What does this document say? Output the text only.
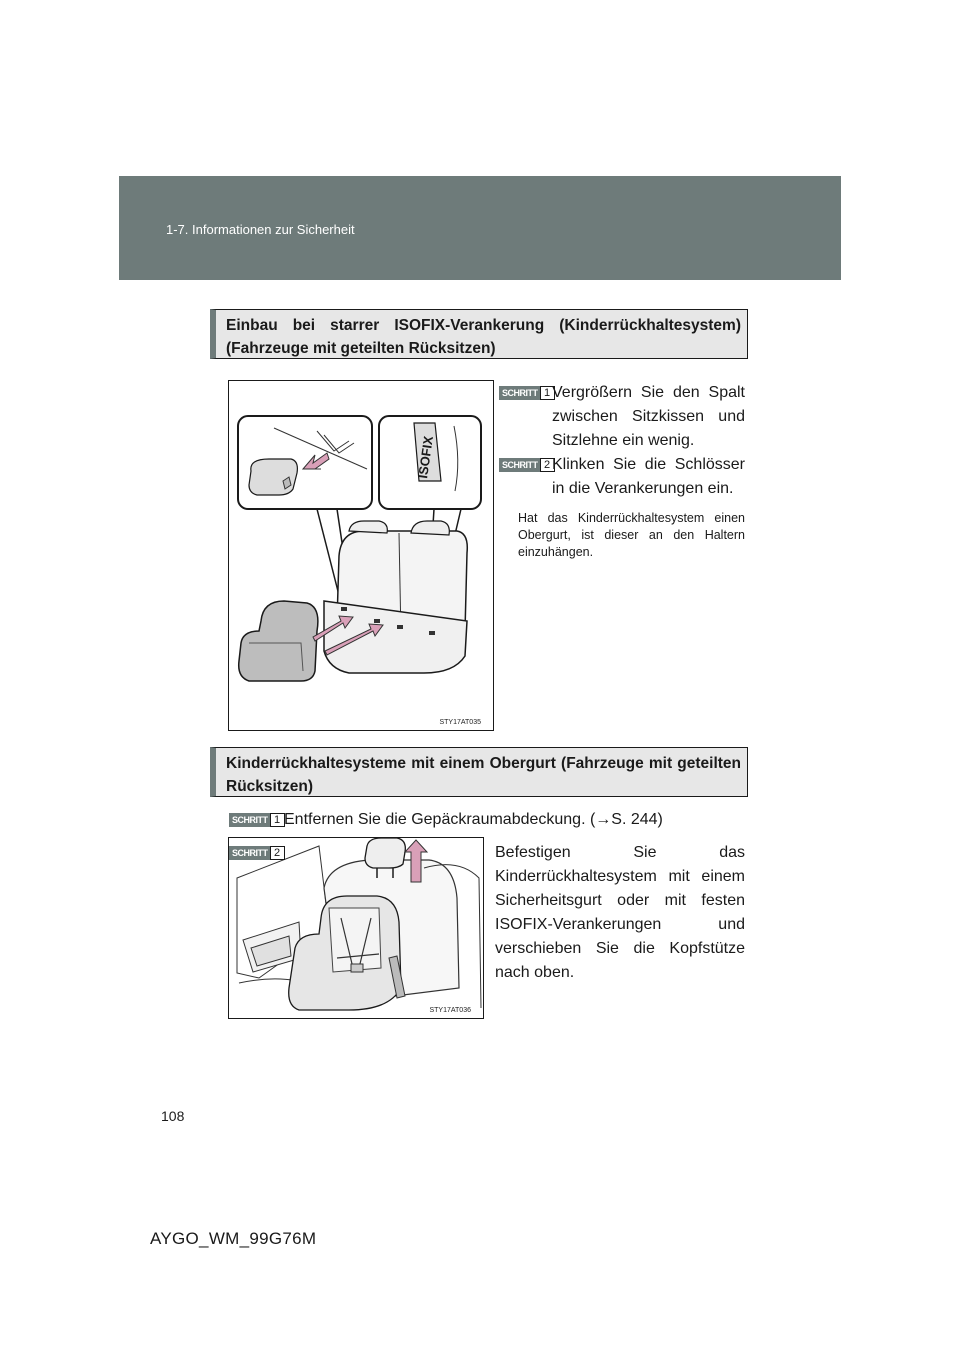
1-7. Informationen zur Sicherheit
Einbau bei starrer ISOFIX-Verankerung (Kinderrückhaltesystem) (Fahrzeuge mit geteilten Rücksitzen)
ISOFIX
STY17AT035
SCHRITT 1 Vergrößern Sie den Spalt zwischen Sitzkissen und Sitzlehne ein wenig.
SCHRITT 2 Klinken Sie die Schlösser in die Verankerungen ein.
Hat das Kinderrückhaltesystem einen Obergurt, ist dieser an den Haltern einzuhängen.
Kinderrückhaltesysteme mit einem Obergurt (Fahrzeuge mit geteilten Rücksitzen)
SCHRITT 1 Entfernen Sie die Gepäckraumabdeckung. (→S. 244)
STY17AT036
SCHRITT 2	Befestigen Sie das Kinderrückhaltesystem mit einem Sicherheitsgurt oder mit festen ISOFIX-Verankerungen und verschieben Sie die Kopfstütze nach oben.
108
AYGO_WM_99G76M
